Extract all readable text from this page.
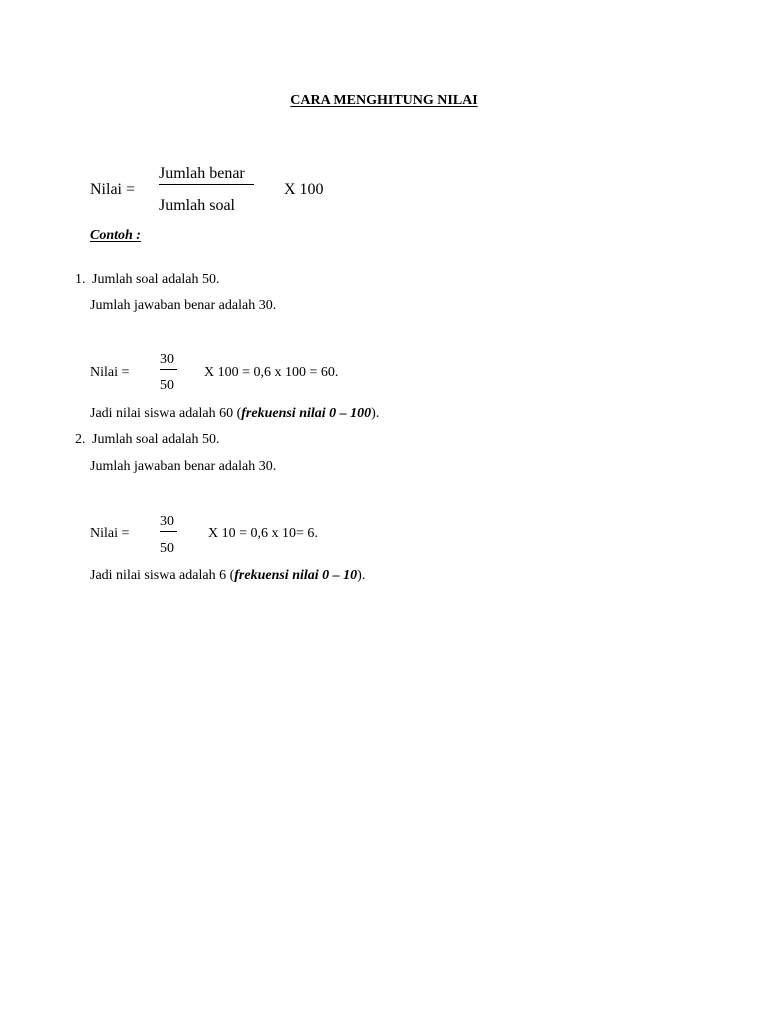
CARA MENGHITUNG NILAI
Nilai =
Jumlah benar
Jumlah soal
X 100
Contoh :
1. Jumlah soal adalah 50.
Jumlah jawaban benar adalah 30.
Nilai =
30
50
X 100 = 0,6 x 100 = 60.
Jadi nilai siswa adalah 60 (frekuensi nilai 0 – 100).
2. Jumlah soal adalah 50.
Jumlah jawaban benar adalah 30.
Nilai =
30
50
X 10 = 0,6 x 10= 6.
Jadi nilai siswa adalah 6 (frekuensi nilai 0 – 10).
